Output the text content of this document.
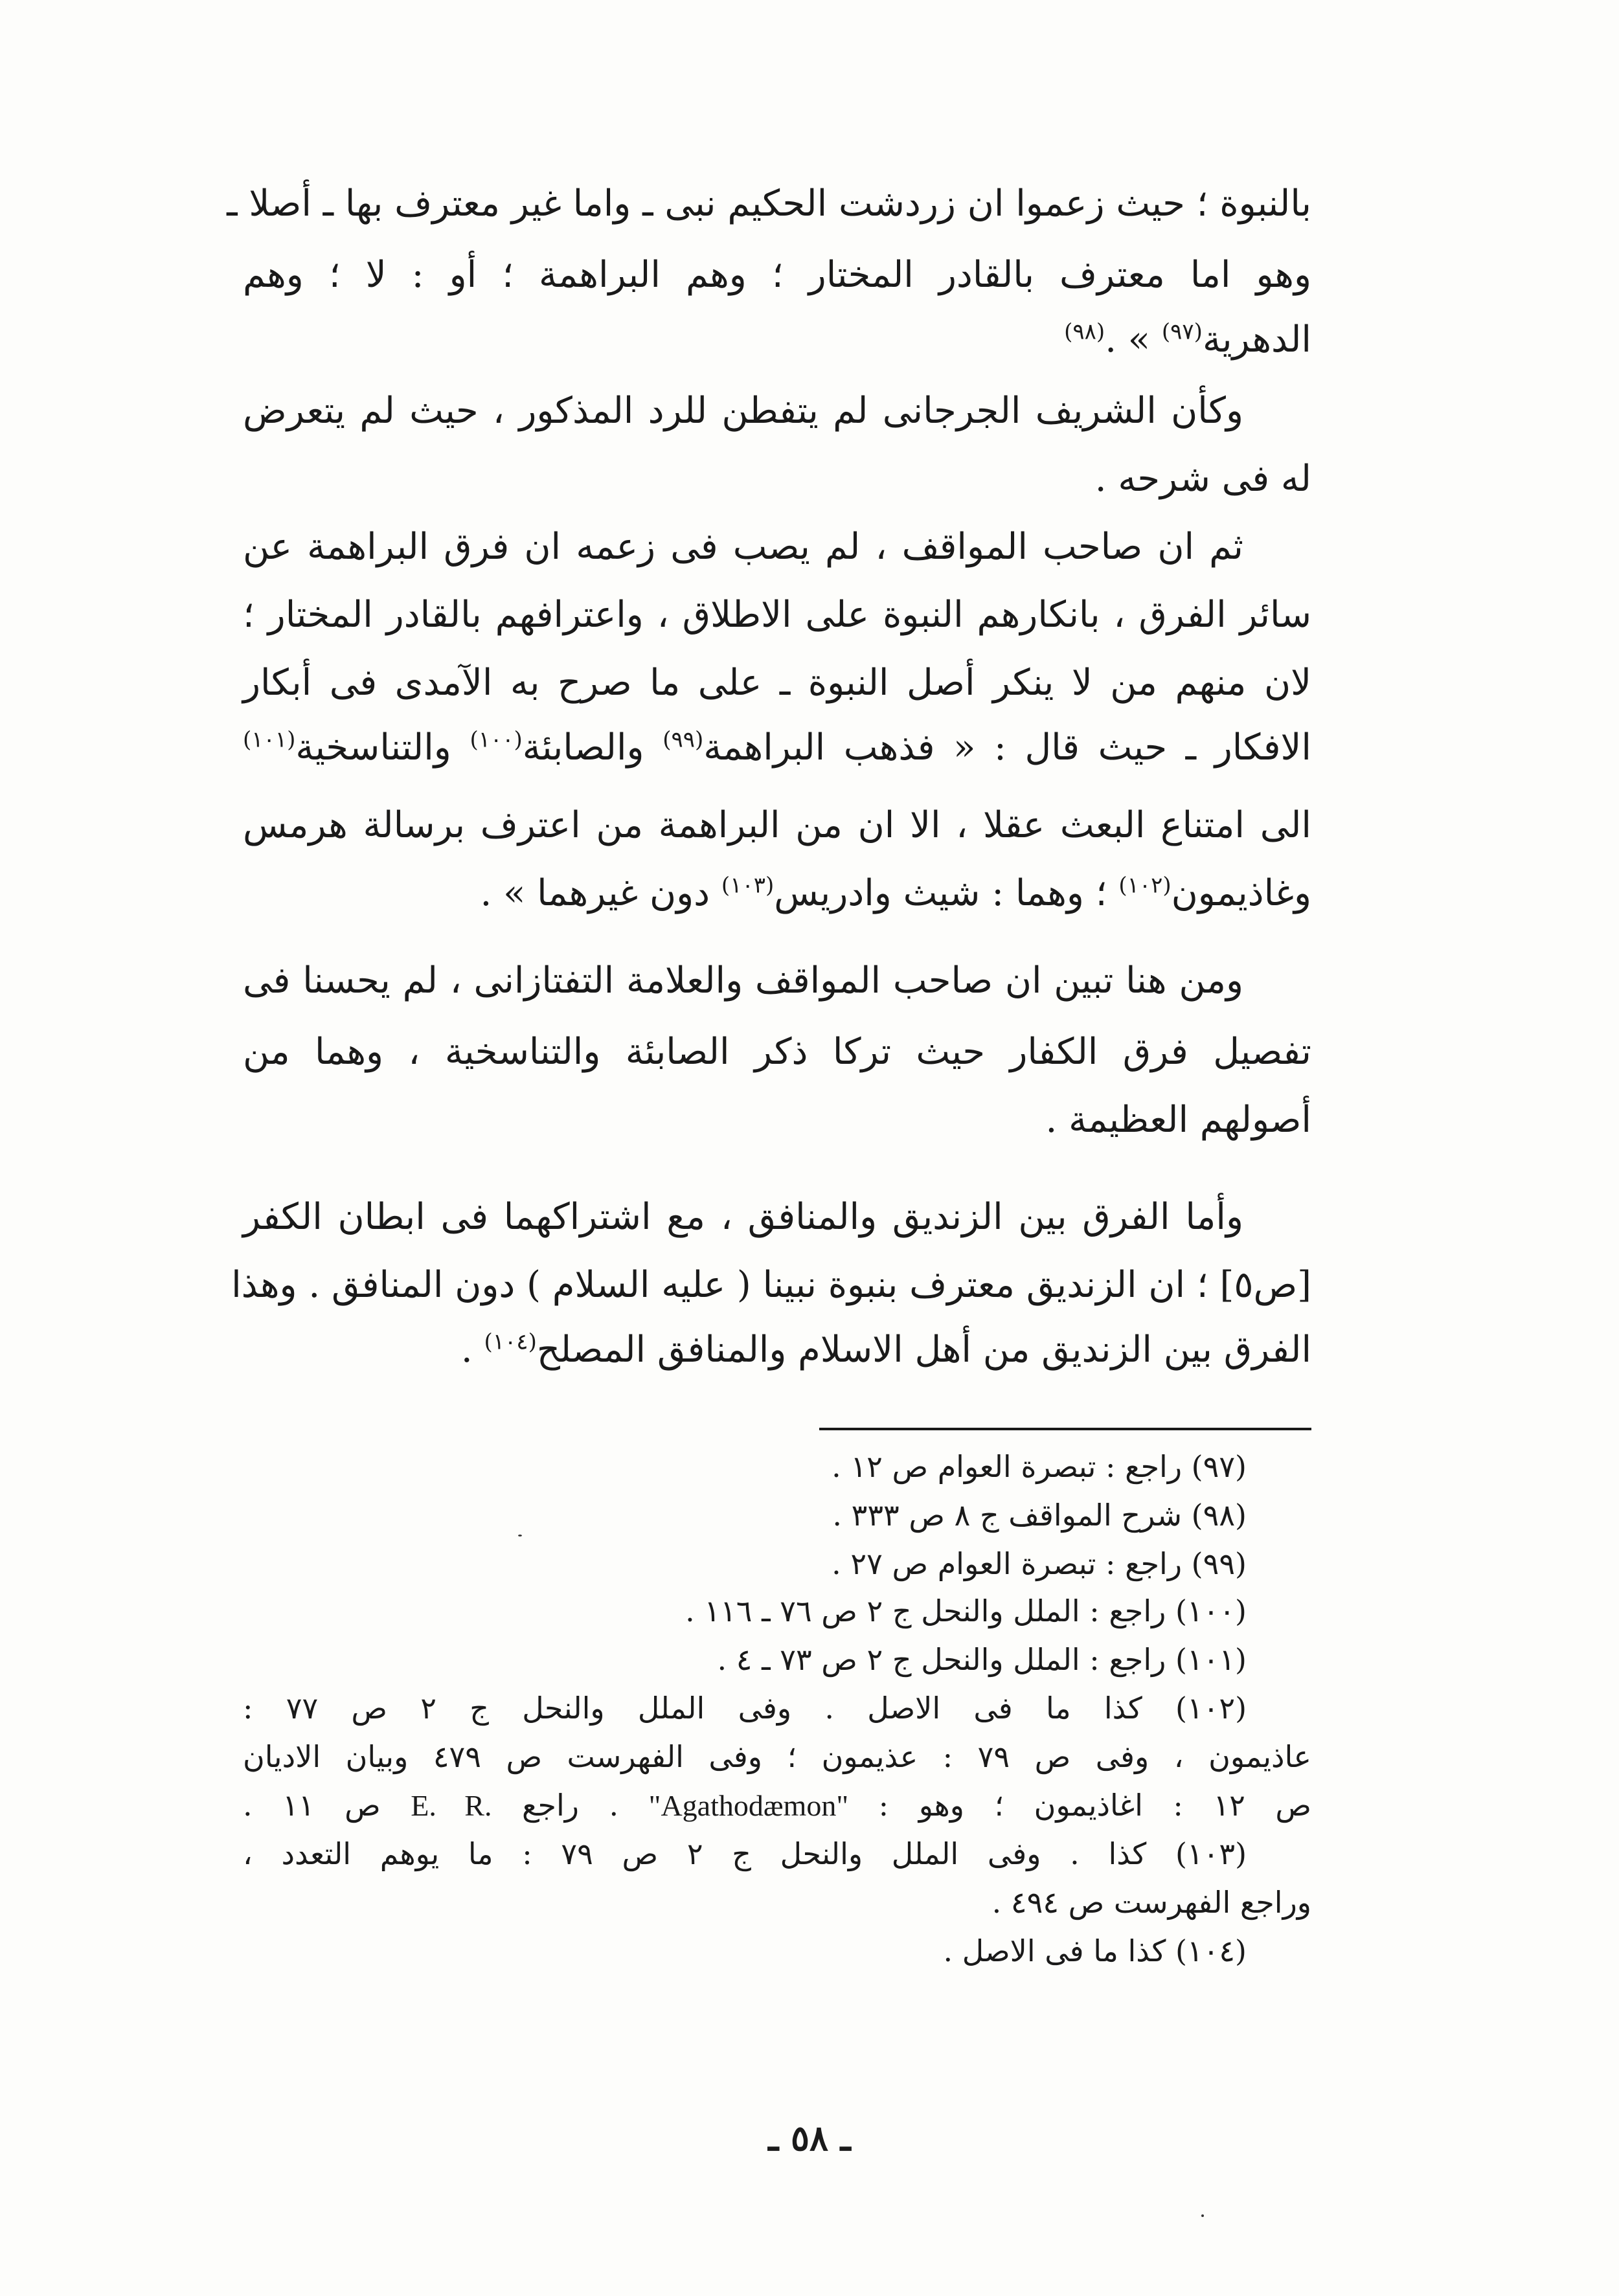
بالنبوة ؛ حيث زعموا ان زردشت الحكيم نبى ـ واما غير معترف بها ـ أصلا ـ
وهو اما معترف بالقادر المختار ؛ وهم البراهمة ؛ أو : لا ؛ وهم
الدهرية$^{(٩٧)}$ » .$^{(٩٨)}$
وكأن الشريف الجرجانى لم يتفطن للرد المذكور ، حيث لم يتعرض
له فى شرحه .
ثم ان صاحب المواقف ، لم يصب فى زعمه ان فرق البراهمة عن
سائر الفرق ، بانكارهم النبوة على الاطلاق ، واعترافهم بالقادر المختار ؛
لان منهم من لا ينكر أصل النبوة ـ على ما صرح به الآمدى فى أبكار
الافكار ـ حيث قال : « فذهب البراهمة$^{(٩٩)}$ والصابئة$^{(١٠٠)}$ والتناسخية$^{(١٠١)}$
الى امتناع البعث عقلا ، الا ان من البراهمة من اعترف برسالة هرمس
وغاذيمون$^{(١٠٢)}$ ؛ وهما : شيث وادريس$^{(١٠٣)}$ دون غيرهما » .
ومن هنا تبين ان صاحب المواقف والعلامة التفتازانى ، لم يحسنا فى
تفصيل فرق الكفار حيث تركا ذكر الصابئة والتناسخية ، وهما من
أصولهم العظيمة .
وأما الفرق بين الزنديق والمنافق ، مع اشتراكهما فى ابطان الكفر
[ص٥] ؛ ان الزنديق معترف بنبوة نبينا ( عليه السلام ) دون المنافق . وهذا
الفرق بين الزنديق من أهل الاسلام والمنافق المصلح$^{(١٠٤)}$ .
(٩٧) راجع : تبصرة العوام ص ١٢ .
(٩٨) شرح المواقف ج ٨ ص ٣٣٣ .
(٩٩) راجع : تبصرة العوام ص ٢٧ .
(١٠٠) راجع : الملل والنحل ج ٢ ص ٧٦ ـ ١١٦ .
(١٠١) راجع : الملل والنحل ج ٢ ص ٧٣ ـ ٤ .
(١٠٢) كذا ما فى الاصل . وفى الملل والنحل ج ٢ ص ٧٧ :
عاذيمون ، وفى ص ٧٩ : عذيمون ؛ وفى الفهرست ص ٤٧٩ وبيان الاديان
ص ١٢ : اغاذيمون ؛ وهو : "Agathodæmon" . راجع E. R. ص ١١ .
(١٠٣) كذا . وفى الملل والنحل ج ٢ ص ٧٩ : ما يوهم التعدد ،
وراجع الفهرست ص ٤٩٤ .
(١٠٤) كذا ما فى الاصل .
ـ ٥٨ ـ
